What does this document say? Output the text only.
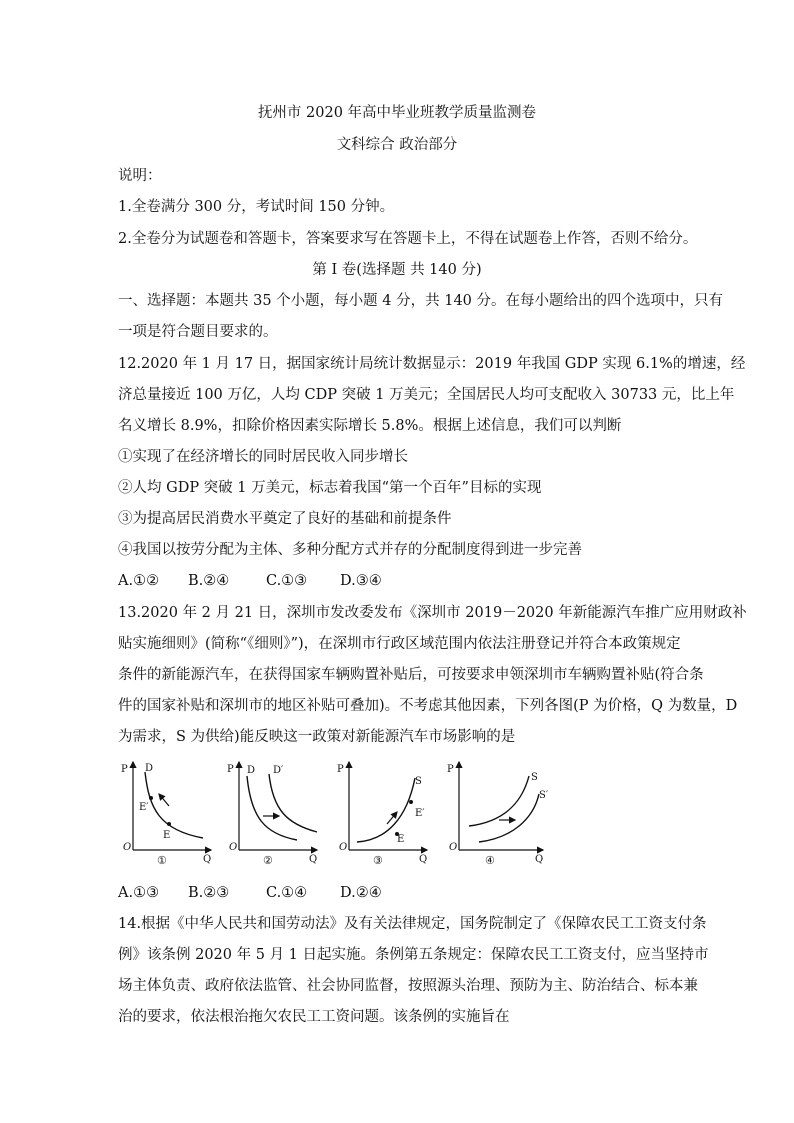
抚州市 2020 年高中毕业班教学质量监测卷
文科综合 政治部分
说明：
1.全卷满分 300 分，考试时间 150 分钟。
2.全卷分为试题卷和答题卡，答案要求写在答题卡上，不得在试题卷上作答，否则不给分。
第 I 卷(选择题 共 140 分)
一、选择题：本题共 35 个小题，每小题 4 分，共 140 分。在每小题给出的四个选项中，只有
一项是符合题目要求的。
12.2020 年 1 月 17 日，据国家统计局统计数据显示：2019 年我国 GDP 实现 6.1%的增速，经
济总量接近 100 万亿，人均 CDP 突破 1 万美元；全国居民人均可支配收入 30733 元，比上年
名义增长 8.9%，扣除价格因素实际增长 5.8%。根据上述信息，我们可以判断
①实现了在经济增长的同时居民收入同步增长
②人均 GDP 突破 1 万美元，标志着我国“第一个百年”目标的实现
③为提高居民消费水平奠定了良好的基础和前提条件
④我国以按劳分配为主体、多种分配方式并存的分配制度得到进一步完善
A.①② B.②④	C.①③ D.③④
13.2020 年 2 月 21 日，深圳市发改委发布《深圳市 2019－2020 年新能源汽车推广应用财政补
贴实施细则》(简称“《细则》”)，在深圳市行政区域范围内依法注册登记并符合本政策规定
条件的新能源汽车，在获得国家车辆购置补贴后，可按要求申领深圳市车辆购置补贴(符合条
件的国家补贴和深圳市的地区补贴可叠加)。不考虑其他因素，下列各图(P 为价格，Q 为数量，D
为需求，S 为供给)能反映这一政策对新能源汽车市场影响的是
P D
E′
E
O
Q
①
P D D′
O
Q
②
P
S
E′
E
O
Q
③
P
S
S′
O
Q
④
A.①③ B.②③	C.①④ D.②④
14.根据《中华人民共和国劳动法》及有关法律规定，国务院制定了《保障农民工工资支付条
例》该条例 2020 年 5 月 1 日起实施。条例第五条规定：保障农民工工资支付，应当坚持市
场主体负责、政府依法监管、社会协同监督，按照源头治理、预防为主、防治结合、标本兼
治的要求，依法根治拖欠农民工工资问题。该条例的实施旨在
